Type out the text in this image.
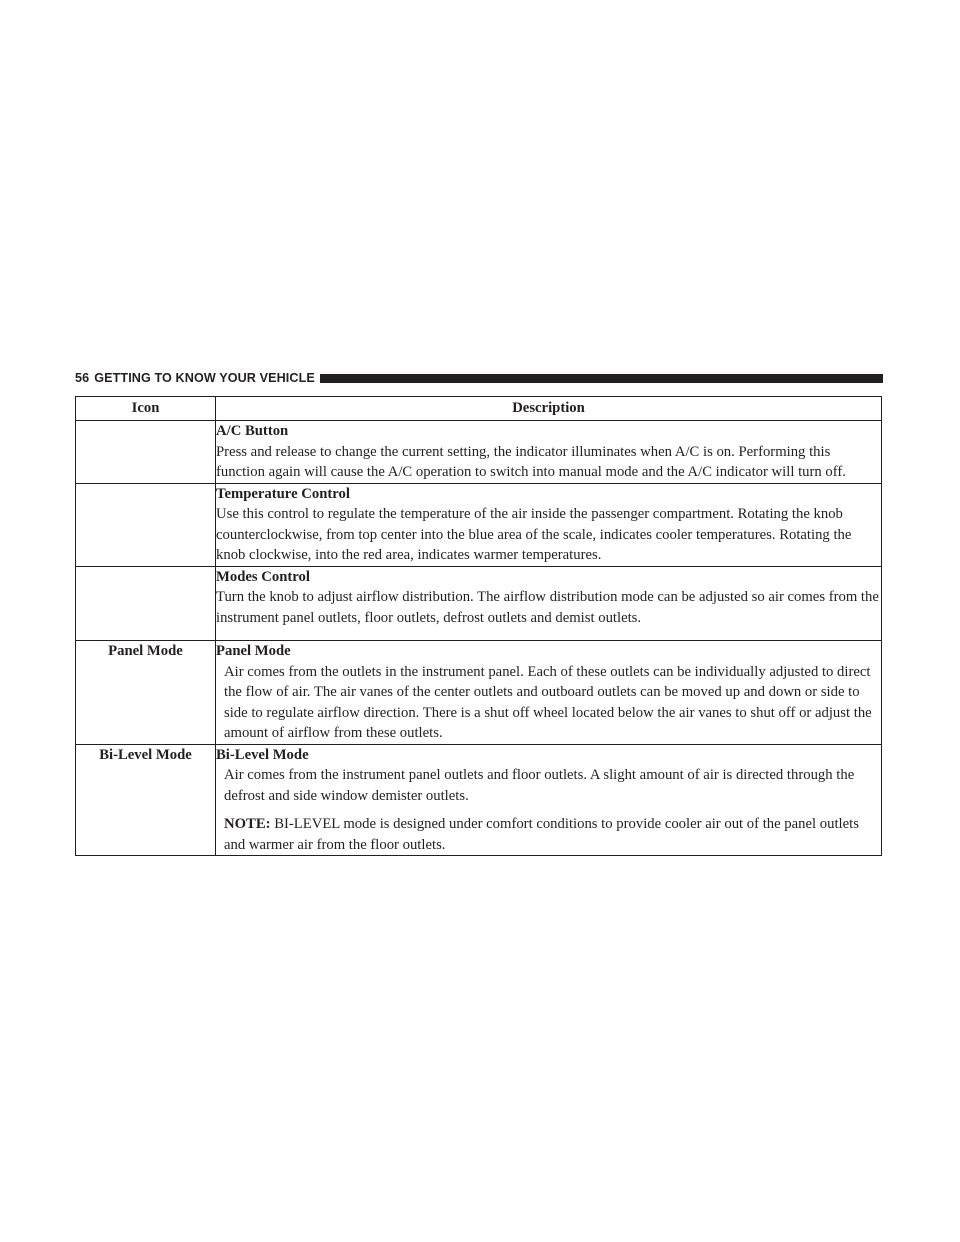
56 GETTING TO KNOW YOUR VEHICLE
Icon	Description

	A/C Button
Press and release to change the current setting, the indicator illuminates when A/C is on. Performing this function again will cause the A/C operation to switch into manual mode and the A/C indicator will turn off.

	Temperature Control
Use this control to regulate the temperature of the air inside the passenger compartment. Rotating the knob counterclockwise, from top center into the blue area of the scale, indicates cooler temperatures. Rotating the knob clockwise, into the red area, indicates warmer temperatures.

	Modes Control
Turn the knob to adjust airflow distribution. The airflow distribution mode can be adjusted so air comes from the instrument panel outlets, floor outlets, defrost outlets and demist outlets.

Panel Mode	Panel Mode
Air comes from the outlets in the instrument panel. Each of these outlets can be individually adjusted to direct the flow of air. The air vanes of the center outlets and outboard outlets can be moved up and down or side to side to regulate airflow direction. There is a shut off wheel located below the air vanes to shut off or adjust the amount of airflow from these outlets.

Bi-Level Mode	Bi-Level Mode
Air comes from the instrument panel outlets and floor outlets. A slight amount of air is directed through the defrost and side window demister outlets.
NOTE: BI-LEVEL mode is designed under comfort conditions to provide cooler air out of the panel outlets and warmer air from the floor outlets.
